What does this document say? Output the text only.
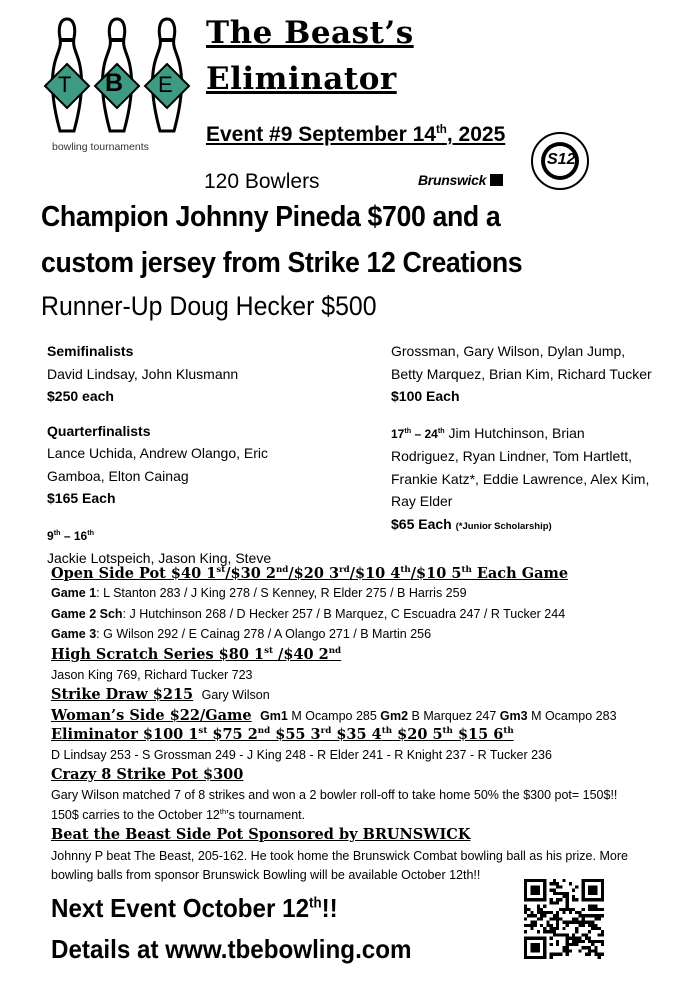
T B E
bowling tournaments
The Beast’s
Eliminator
Event #9 September 14th, 2025
S12
120 Bowlers	Brunswick
Champion Johnny Pineda $700 and a
custom jersey from Strike 12 Creations
Runner-Up Doug Hecker $500
Semifinalists
David Lindsay, John Klusmann
$250 each
Quarterfinalists
Lance Uchida, Andrew Olango, Eric Gamboa, Elton Cainag
$165 Each
9th – 16th
Jackie Lotspeich, Jason King, Steve
Grossman, Gary Wilson, Dylan Jump, Betty Marquez, Brian Kim, Richard Tucker
$100 Each
17th – 24th Jim Hutchinson, Brian Rodriguez, Ryan Lindner, Tom Hartlett, Frankie Katz*, Eddie Lawrence, Alex Kim, Ray Elder
$65 Each (*Junior Scholarship)
Open Side Pot $40 1st/$30 2nd/$20 3rd/$10 4th/$10 5th Each Game
Game 1: L Stanton 283 / J King 278 / S Kenney, R Elder 275 / B Harris 259
Game 2 Sch: J Hutchinson 268 / D Hecker 257 / B Marquez, C Escuadra 247 / R Tucker 244
Game 3: G Wilson 292 / E Cainag 278 / A Olango 271 / B Martin 256
High Scratch Series $80 1st /$40 2nd
Jason King 769, Richard Tucker 723
Strike Draw $215 Gary Wilson
Woman’s Side $22/Game Gm1 M Ocampo 285 Gm2 B Marquez 247 Gm3 M Ocampo 283
Eliminator $100 1st $75 2nd $55 3rd $35 4th $20 5th $15 6th
D Lindsay 253 - S Grossman 249 - J King 248 - R Elder 241 - R Knight 237 - R Tucker 236
Crazy 8 Strike Pot $300
Gary Wilson matched 7 of 8 strikes and won a 2 bowler roll-off to take home 50% the $300 pot= 150$!!
150$ carries to the October 12th’s tournament.
Beat the Beast Side Pot Sponsored by BRUNSWICK
Johnny P beat The Beast, 205-162. He took home the Brunswick Combat bowling ball as his prize. More
bowling balls from sponsor Brunswick Bowling will be available October 12th!!
Next Event October 12th!!
Details at www.tbebowling.com
